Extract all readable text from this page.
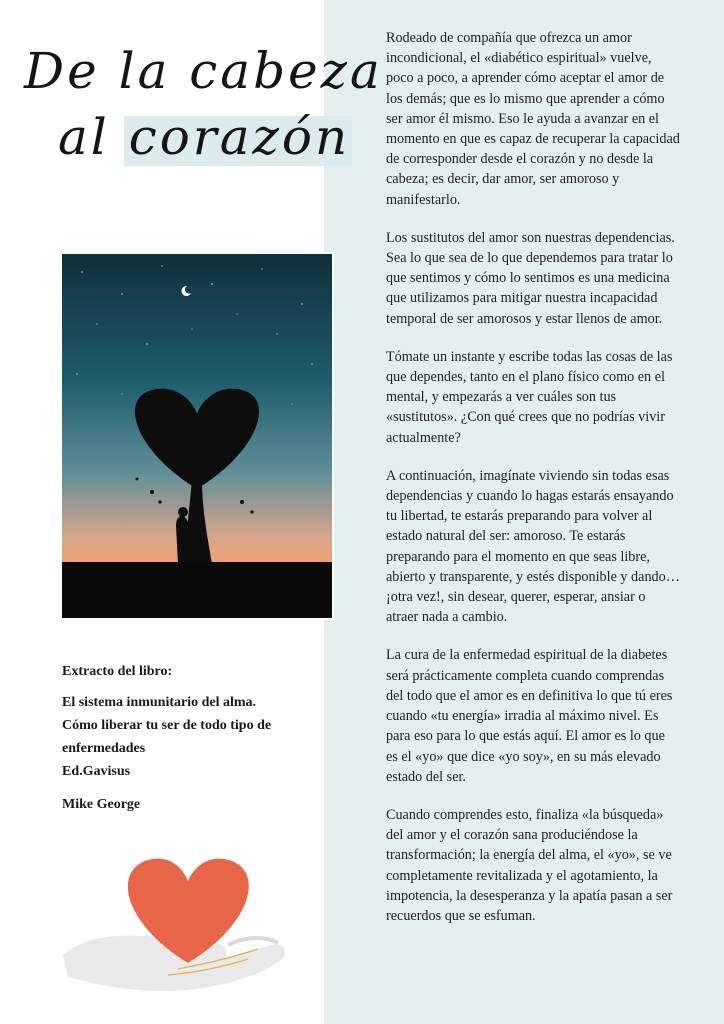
De la cabeza
al corazón

Extracto del libro:

El sistema inmunitario del alma.

Cómo liberar tu ser de todo tipo de enfermedades

Ed.Gavisus

Mike George

Rodeado de compañía que ofrezca un amor incondicional, el «diabético espiritual» vuelve, poco a poco, a aprender cómo aceptar el amor de los demás; que es lo mismo que aprender a cómo ser amor él mismo. Eso le ayuda a avanzar en el momento en que es capaz de recuperar la capacidad de corresponder desde el corazón y no desde la cabeza; es decir, dar amor, ser amoroso y manifestarlo.

Los sustitutos del amor son nuestras dependencias. Sea lo que sea de lo que dependemos para tratar lo que sentimos y cómo lo sentimos es una medicina que utilizamos para mitigar nuestra incapacidad temporal de ser amorosos y estar llenos de amor.

Tómate un instante y escribe todas las cosas de las que dependes, tanto en el plano físico como en el mental, y empezarás a ver cuáles son tus «sustitutos». ¿Con qué crees que no podrías vivir actualmente?

A continuación, imagínate viviendo sin todas esas dependencias y cuando lo hagas estarás ensayando tu libertad, te estarás preparando para volver al estado natural del ser: amoroso. Te estarás preparando para el momento en que seas libre, abierto y transparente, y estés disponible y dando… ¡otra vez!, sin desear, querer, esperar, ansiar o atraer nada a cambio.

La cura de la enfermedad espiritual de la diabetes será prácticamente completa cuando comprendas del todo que el amor es en definitiva lo que tú eres cuando «tu energía» irradia al máximo nivel. Es para eso para lo que estás aquí. El amor es lo que es el «yo» que dice «yo soy», en su más elevado estado del ser.

Cuando comprendes esto, finaliza «la búsqueda» del amor y el corazón sana produciéndose la transformación; la energía del alma, el «yo», se ve completamente revitalizada y el agotamiento, la impotencia, la desesperanza y la apatía pasan a ser recuerdos que se esfuman.
